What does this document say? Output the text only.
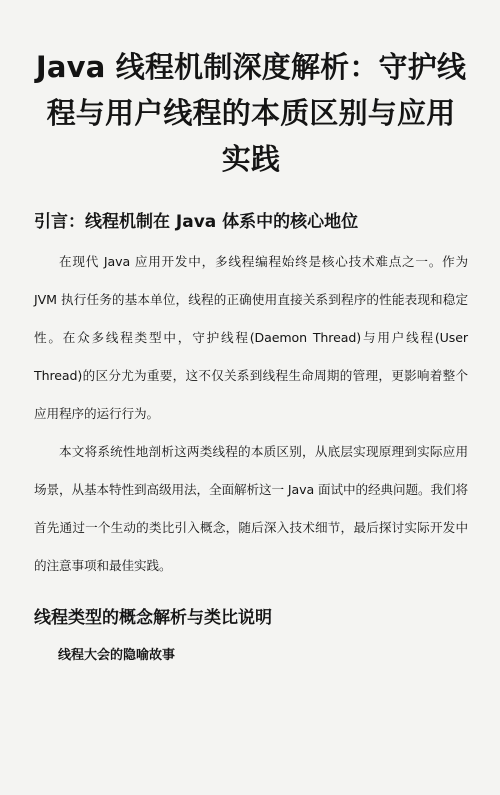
Java 线程机制深度解析：守护线程与用户线程的本质区别与应用实践
引言：线程机制在 Java 体系中的核心地位

在现代 Java 应用开发中，多线程编程始终是核心技术难点之一。作为 JVM 执行任务的基本单位，线程的正确使用直接关系到程序的性能表现和稳定性。在众多线程类型中，守护线程(Daemon Thread)与用户线程(User Thread)的区分尤为重要，这不仅关系到线程生命周期的管理，更影响着整个应用程序的运行行为。

本文将系统性地剖析这两类线程的本质区别，从底层实现原理到实际应用场景，从基本特性到高级用法，全面解析这一 Java 面试中的经典问题。我们将首先通过一个生动的类比引入概念，随后深入技术细节，最后探讨实际开发中的注意事项和最佳实践。

线程类型的概念解析与类比说明
线程大会的隐喻故事
